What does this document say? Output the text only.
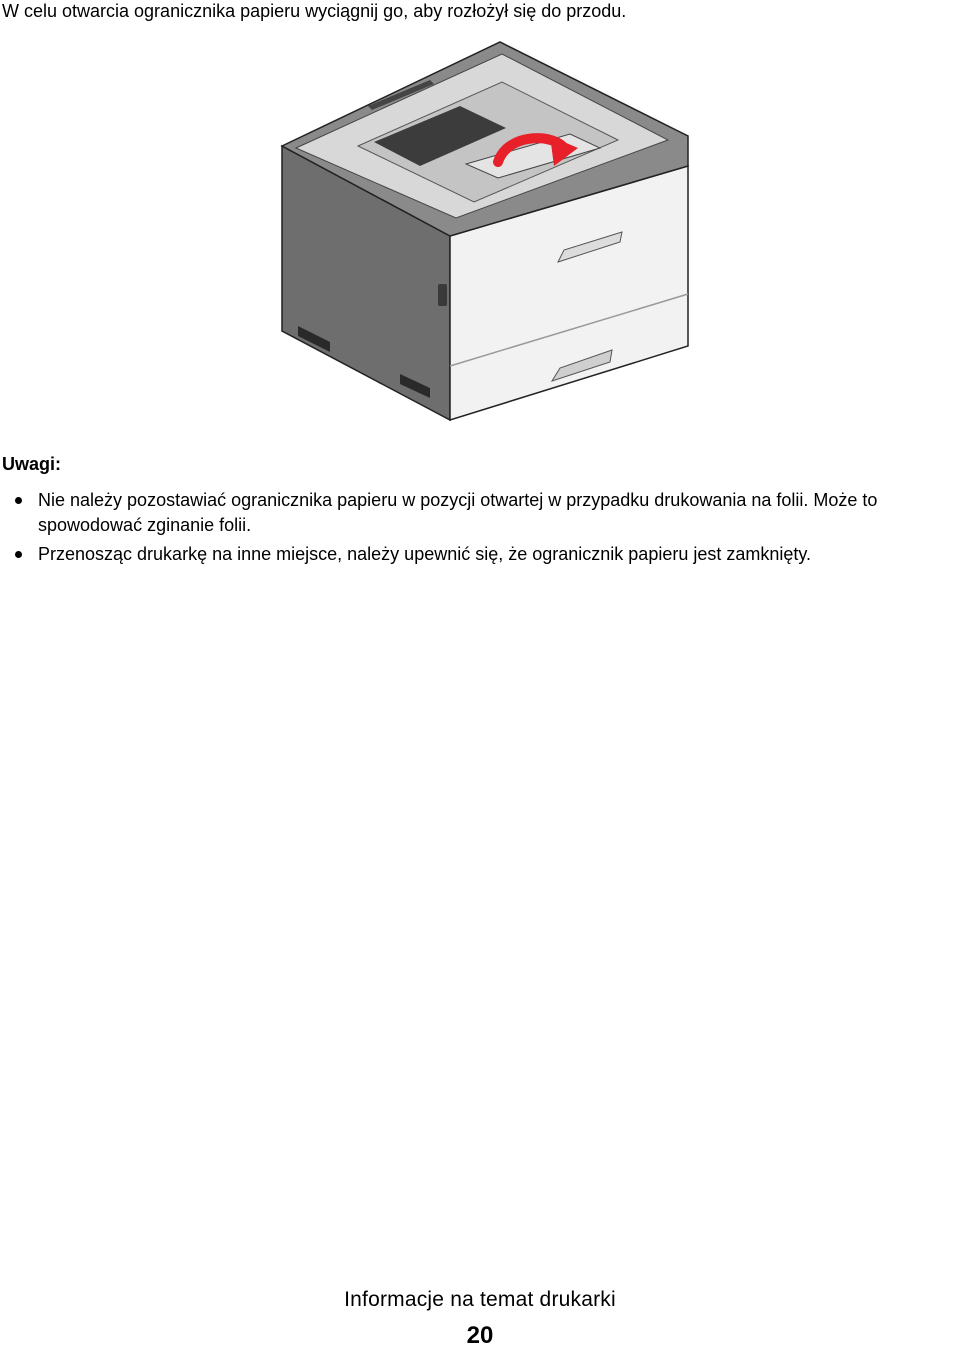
W celu otwarcia ogranicznika papieru wyciągnij go, aby rozłożył się do przodu.
Uwagi:
Nie należy pozostawiać ogranicznika papieru w pozycji otwartej w przypadku drukowania na folii. Może to spowodować zginanie folii.
Przenosząc drukarkę na inne miejsce, należy upewnić się, że ogranicznik papieru jest zamknięty.
Informacje na temat drukarki
20
